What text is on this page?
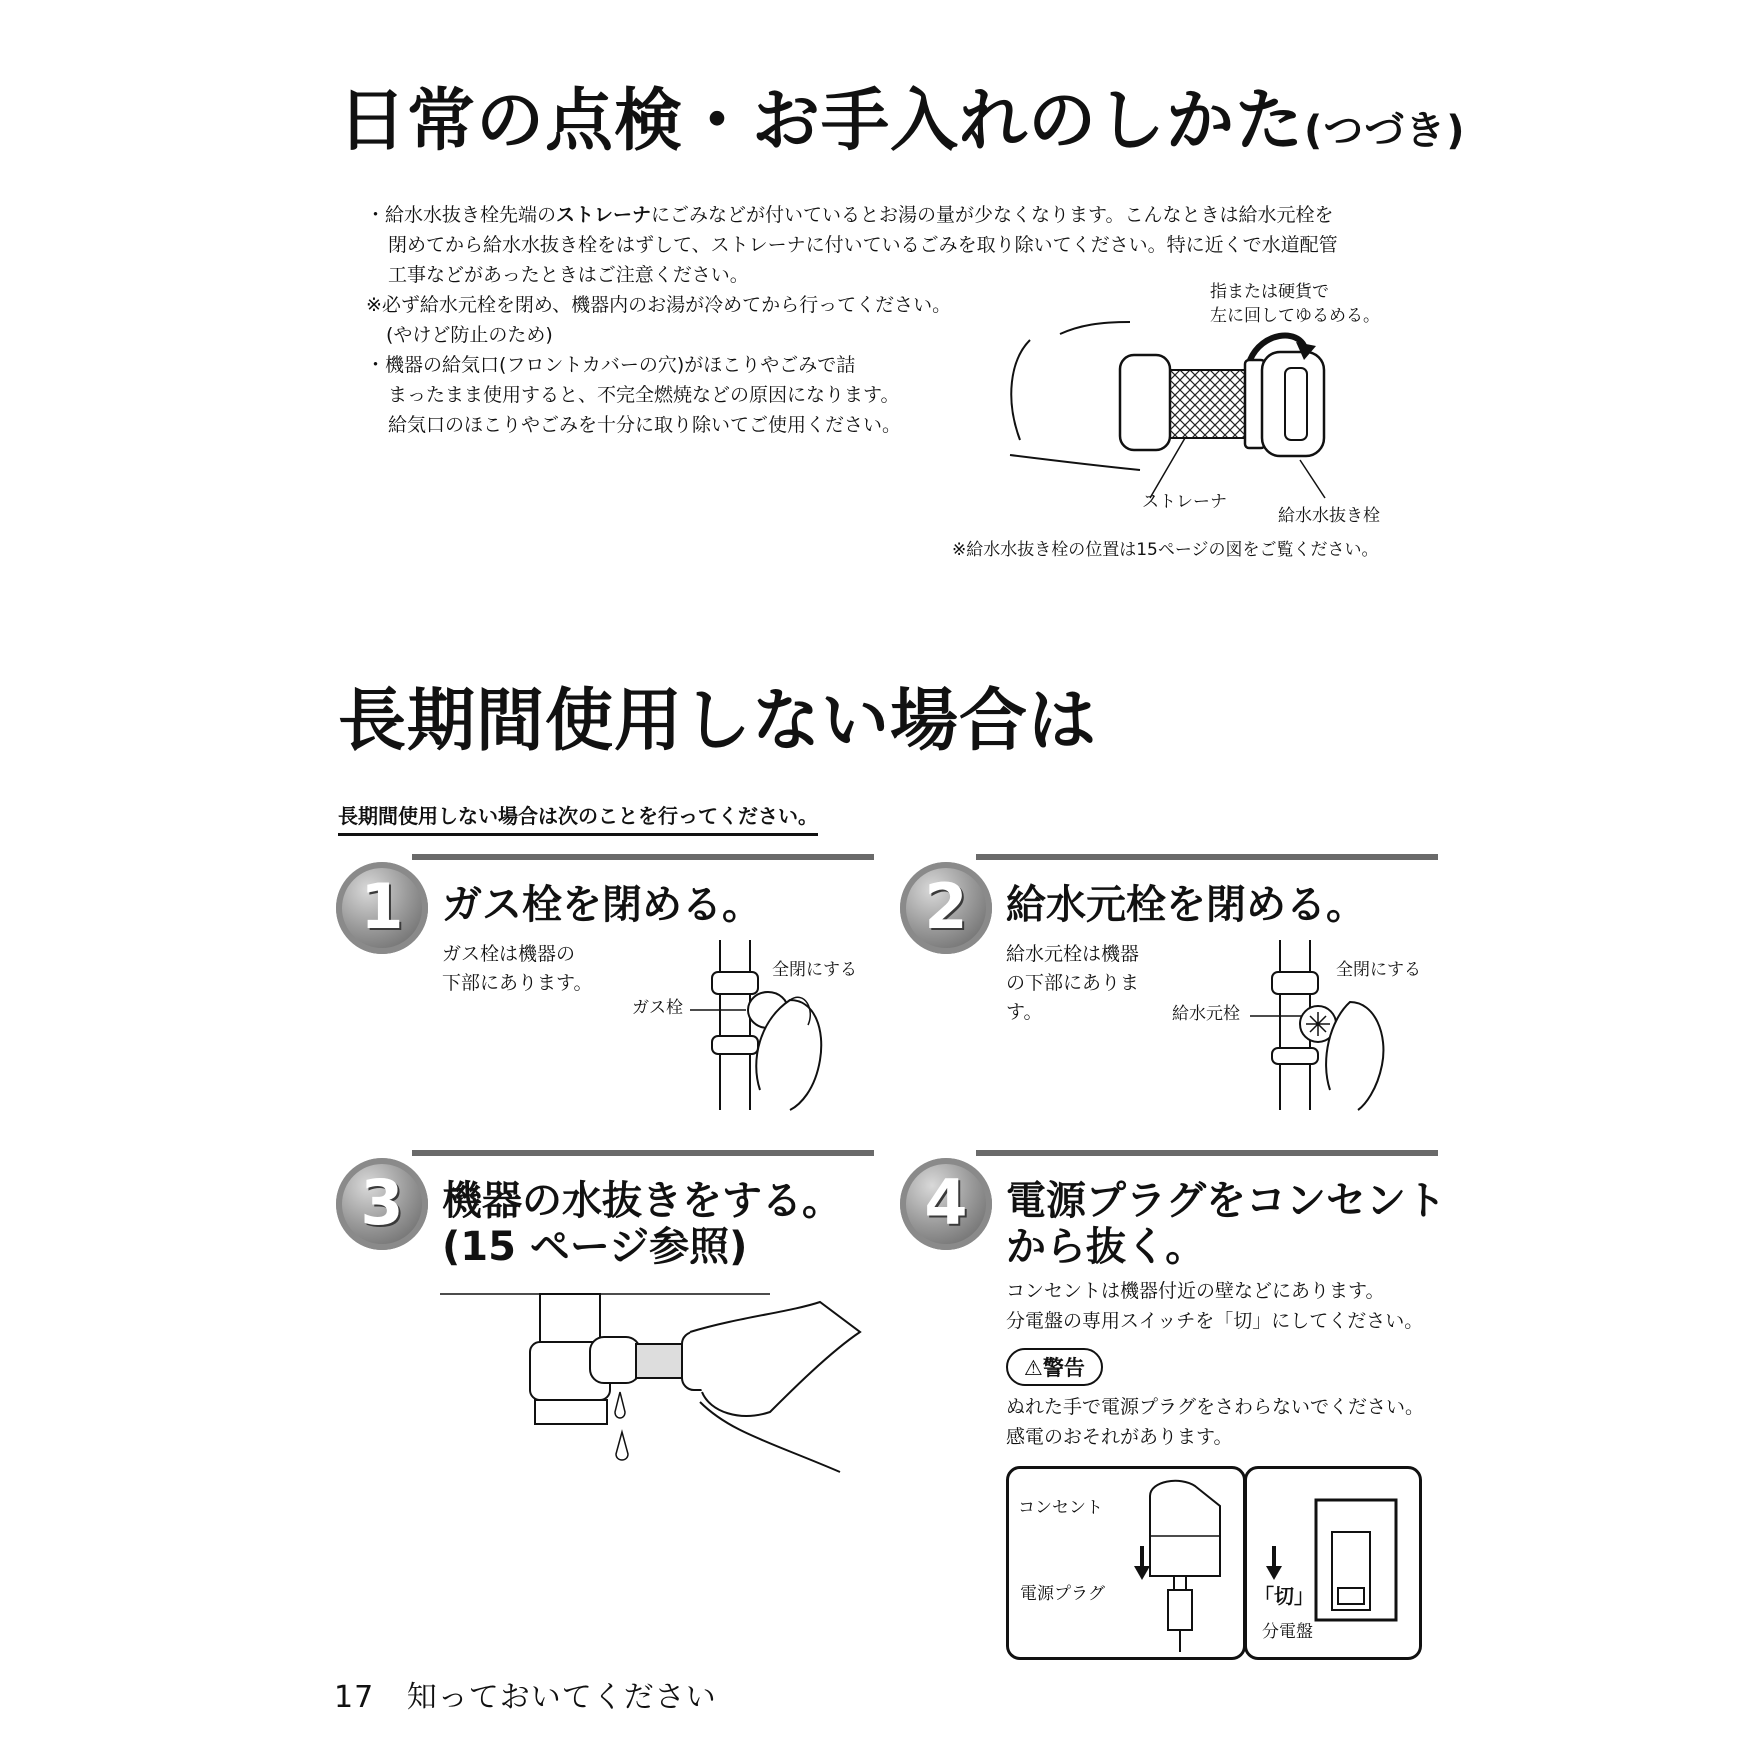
日常の点検・お手入れのしかた(つづき)
・給水水抜き栓先端のストレーナにごみなどが付いているとお湯の量が少なくなります。こんなときは給水元栓を
閉めてから給水水抜き栓をはずして、ストレーナに付いているごみを取り除いてください。特に近くで水道配管
工事などがあったときはご注意ください。
※必ず給水元栓を閉め、機器内のお湯が冷めてから行ってください。
(やけど防止のため)
・機器の給気口(フロントカバーの穴)がほこりやごみで詰
まったまま使用すると、不完全燃焼などの原因になります。
給気口のほこりやごみを十分に取り除いてご使用ください。
指または硬貨で
左に回してゆるめる。
ストレーナ
給水水抜き栓
※給水水抜き栓の位置は15ページの図をご覧ください。
長期間使用しない場合は
長期間使用しない場合は次のことを行ってください。
1 ガス栓を閉める。
ガス栓は機器の
下部にあります。
全閉にする
ガス栓
2 給水元栓を閉める。
給水元栓は機器
の下部にありま
す。
全閉にする
給水元栓
3 機器の水抜きをする。
(15 ページ参照)
4 電源プラグをコンセント
から抜く。
コンセントは機器付近の壁などにあります。
分電盤の専用スイッチを「切」にしてください。
⚠警告
ぬれた手で電源プラグをさわらないでください。
感電のおそれがあります。
コンセント
電源プラグ	「切」
分電盤
17 知っておいてください
